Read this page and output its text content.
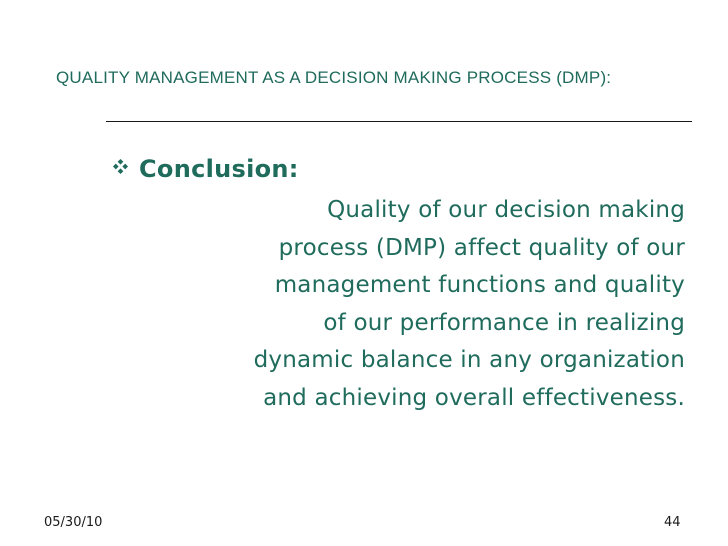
QUALITY MANAGEMENT AS A DECISION MAKING PROCESS (DMP):
Conclusion:
Quality of our decision making
process (DMP) affect quality of our
management functions and quality
of our performance in realizing
dynamic balance in any organization
and achieving overall effectiveness.
05/30/10	44
